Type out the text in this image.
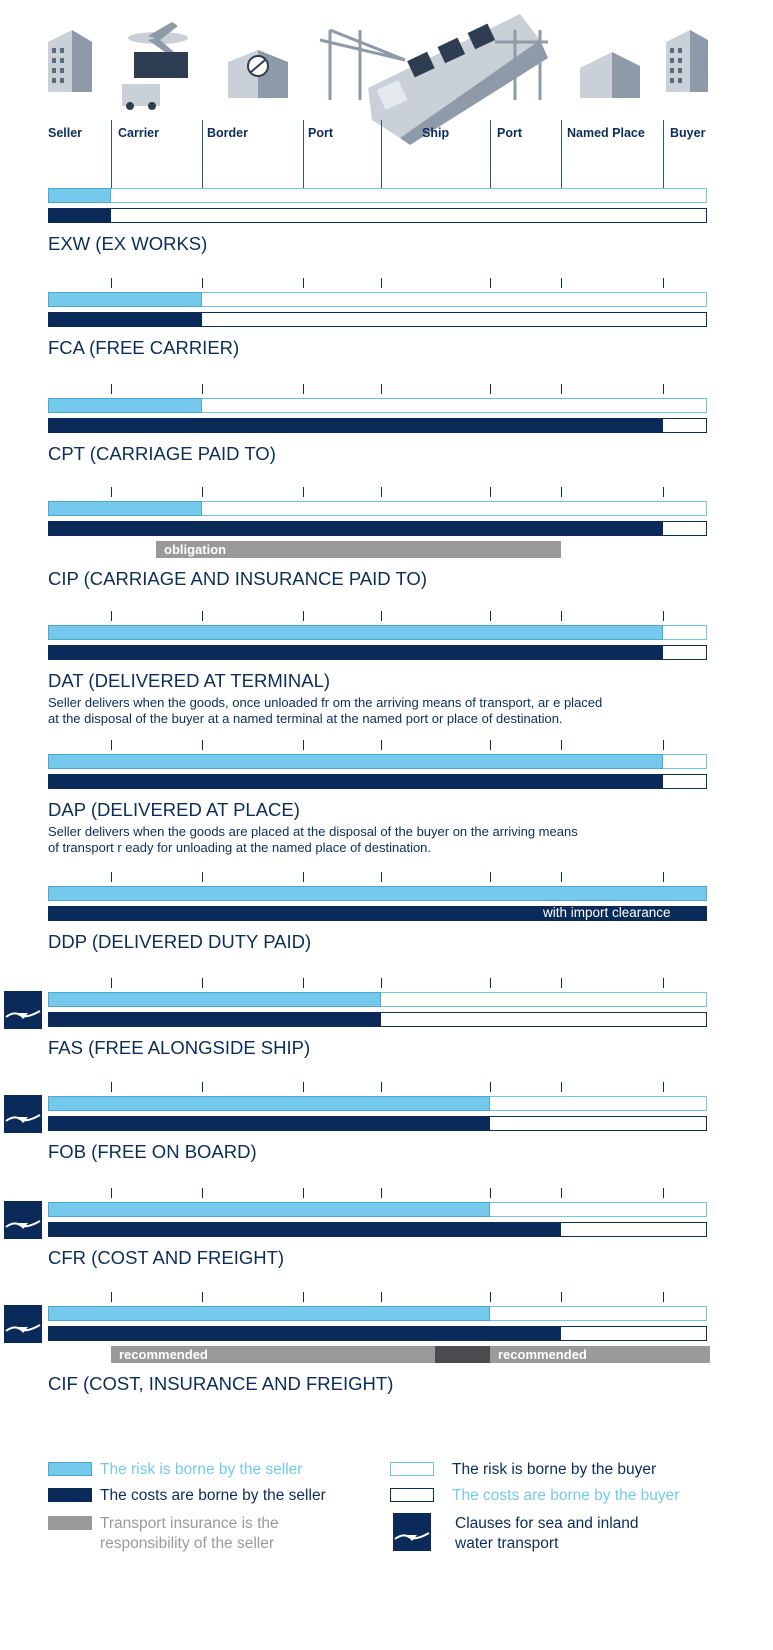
Seller	Carrier	Border	Port	Ship	Port	Named Place Buyer
The risk is borne by the seller
The costs are borne by the seller
Transport insurance is the
responsibility of the seller
The risk is borne by the buyer
The costs are borne by the buyer
Clauses for sea and inland
water transport
EXW (EX WORKS)
FCA (FREE CARRIER)
CPT (CARRIAGE PAID TO)
obligation
CIP (CARRIAGE AND INSURANCE PAID TO)
DAT (DELIVERED AT TERMINAL)
Seller delivers when the goods, once unloaded fr om the arriving means of transport, ar e placed
at the disposal of the buyer at a named terminal at the named port or place of destination.
DAP (DELIVERED AT PLACE)
Seller delivers when the goods are placed at the disposal of the buyer on the arriving means
of transport r eady for unloading at the named place of destination.
with import clearance
DDP (DELIVERED DUTY PAID)
FAS (FREE ALONGSIDE SHIP)
FOB (FREE ON BOARD)
CFR (COST AND FREIGHT)
recommended	recommended
CIF (COST, INSURANCE AND FREIGHT)
